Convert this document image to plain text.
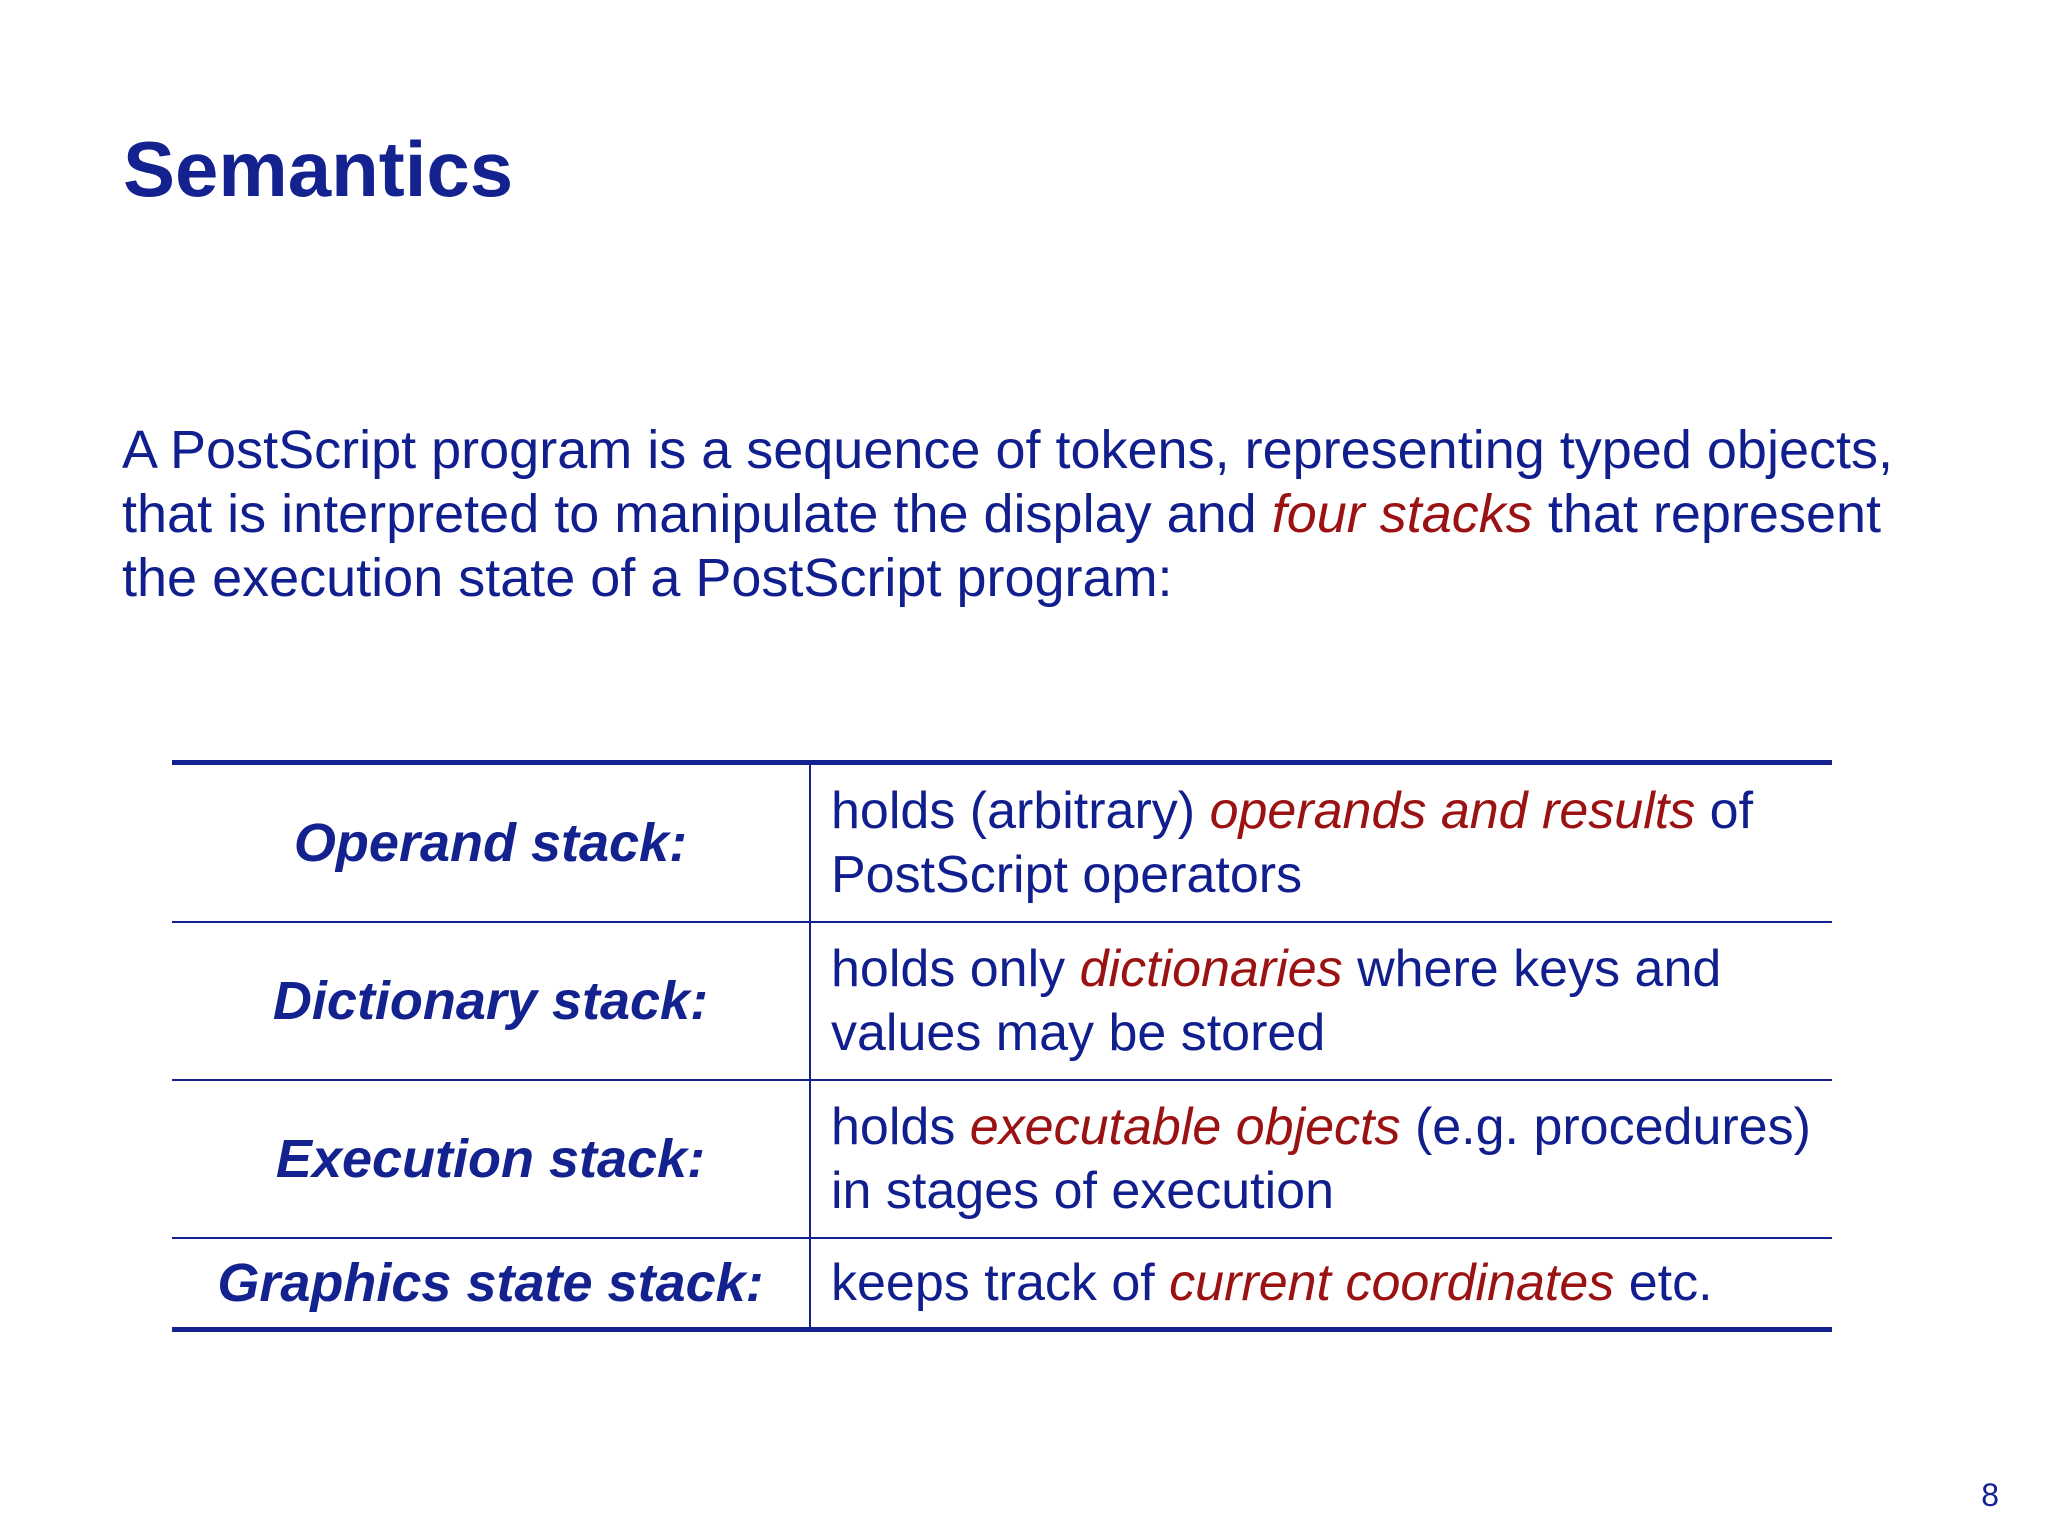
Semantics
A PostScript program is a sequence of tokens, representing typed objects, that is interpreted to manipulate the display and four stacks that represent the execution state of a PostScript program:
Operand stack:	holds (arbitrary) operands and results of PostScript operators
Dictionary stack:	holds only dictionaries where keys and values may be stored
Execution stack:	holds executable objects (e.g. procedures) in stages of execution
Graphics state stack:	keeps track of current coordinates etc.
8
